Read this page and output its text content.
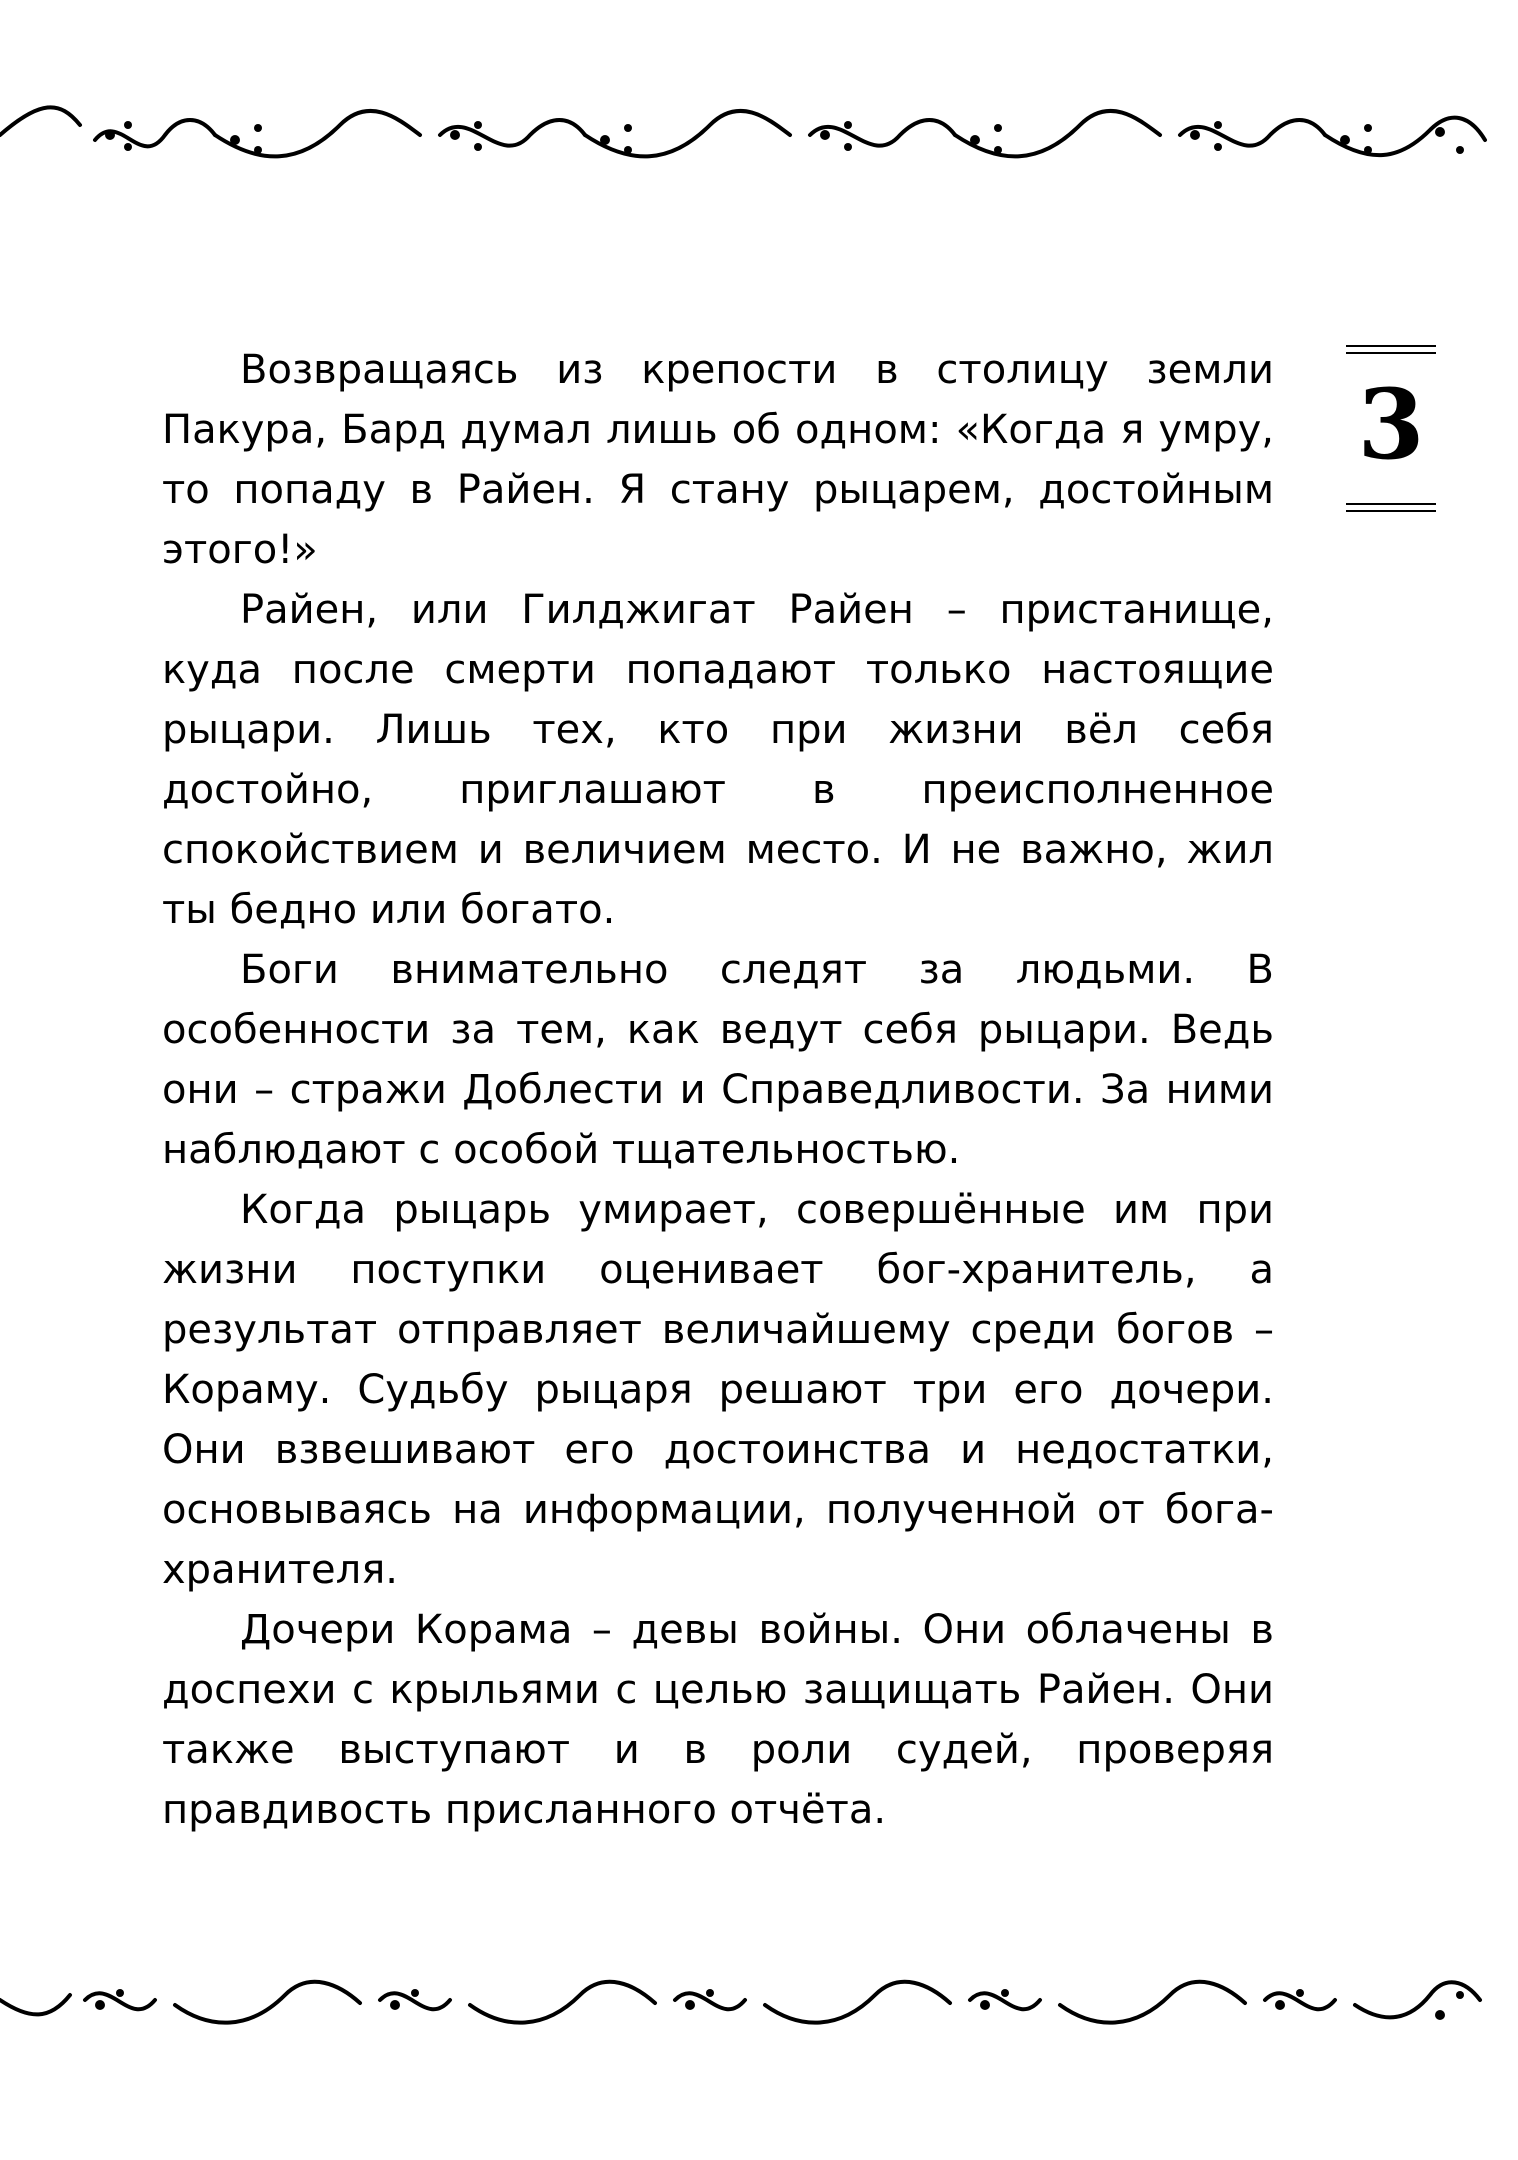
3

Возвращаясь из крепости в столицу земли Пакура, Бард думал лишь об одном: «Когда я умру, то попаду в Райен. Я стану рыцарем, достойным этого!»

Райен, или Гилджигат Райен – пристанище, куда после смерти попадают только настоящие рыцари. Лишь тех, кто при жизни вёл себя достойно, приглашают в преисполненное спокойствием и величием место. И не важно, жил ты бедно или богато.

Боги внимательно следят за людьми. В особенности за тем, как ведут себя рыцари. Ведь они – стражи Доблести и Справедливости. За ними наблюдают с особой тщательностью.

Когда рыцарь умирает, совершённые им при жизни поступки оценивает бог-хранитель, а результат отправляет величайшему среди богов – Кораму. Судьбу рыцаря решают три его дочери. Они взвешивают его достоинства и недостатки, основываясь на информации, полученной от бога-хранителя.

Дочери Корама – девы войны. Они облачены в доспехи с крыльями с целью защищать Райен. Они также выступают и в роли судей, проверяя правдивость присланного отчёта.
